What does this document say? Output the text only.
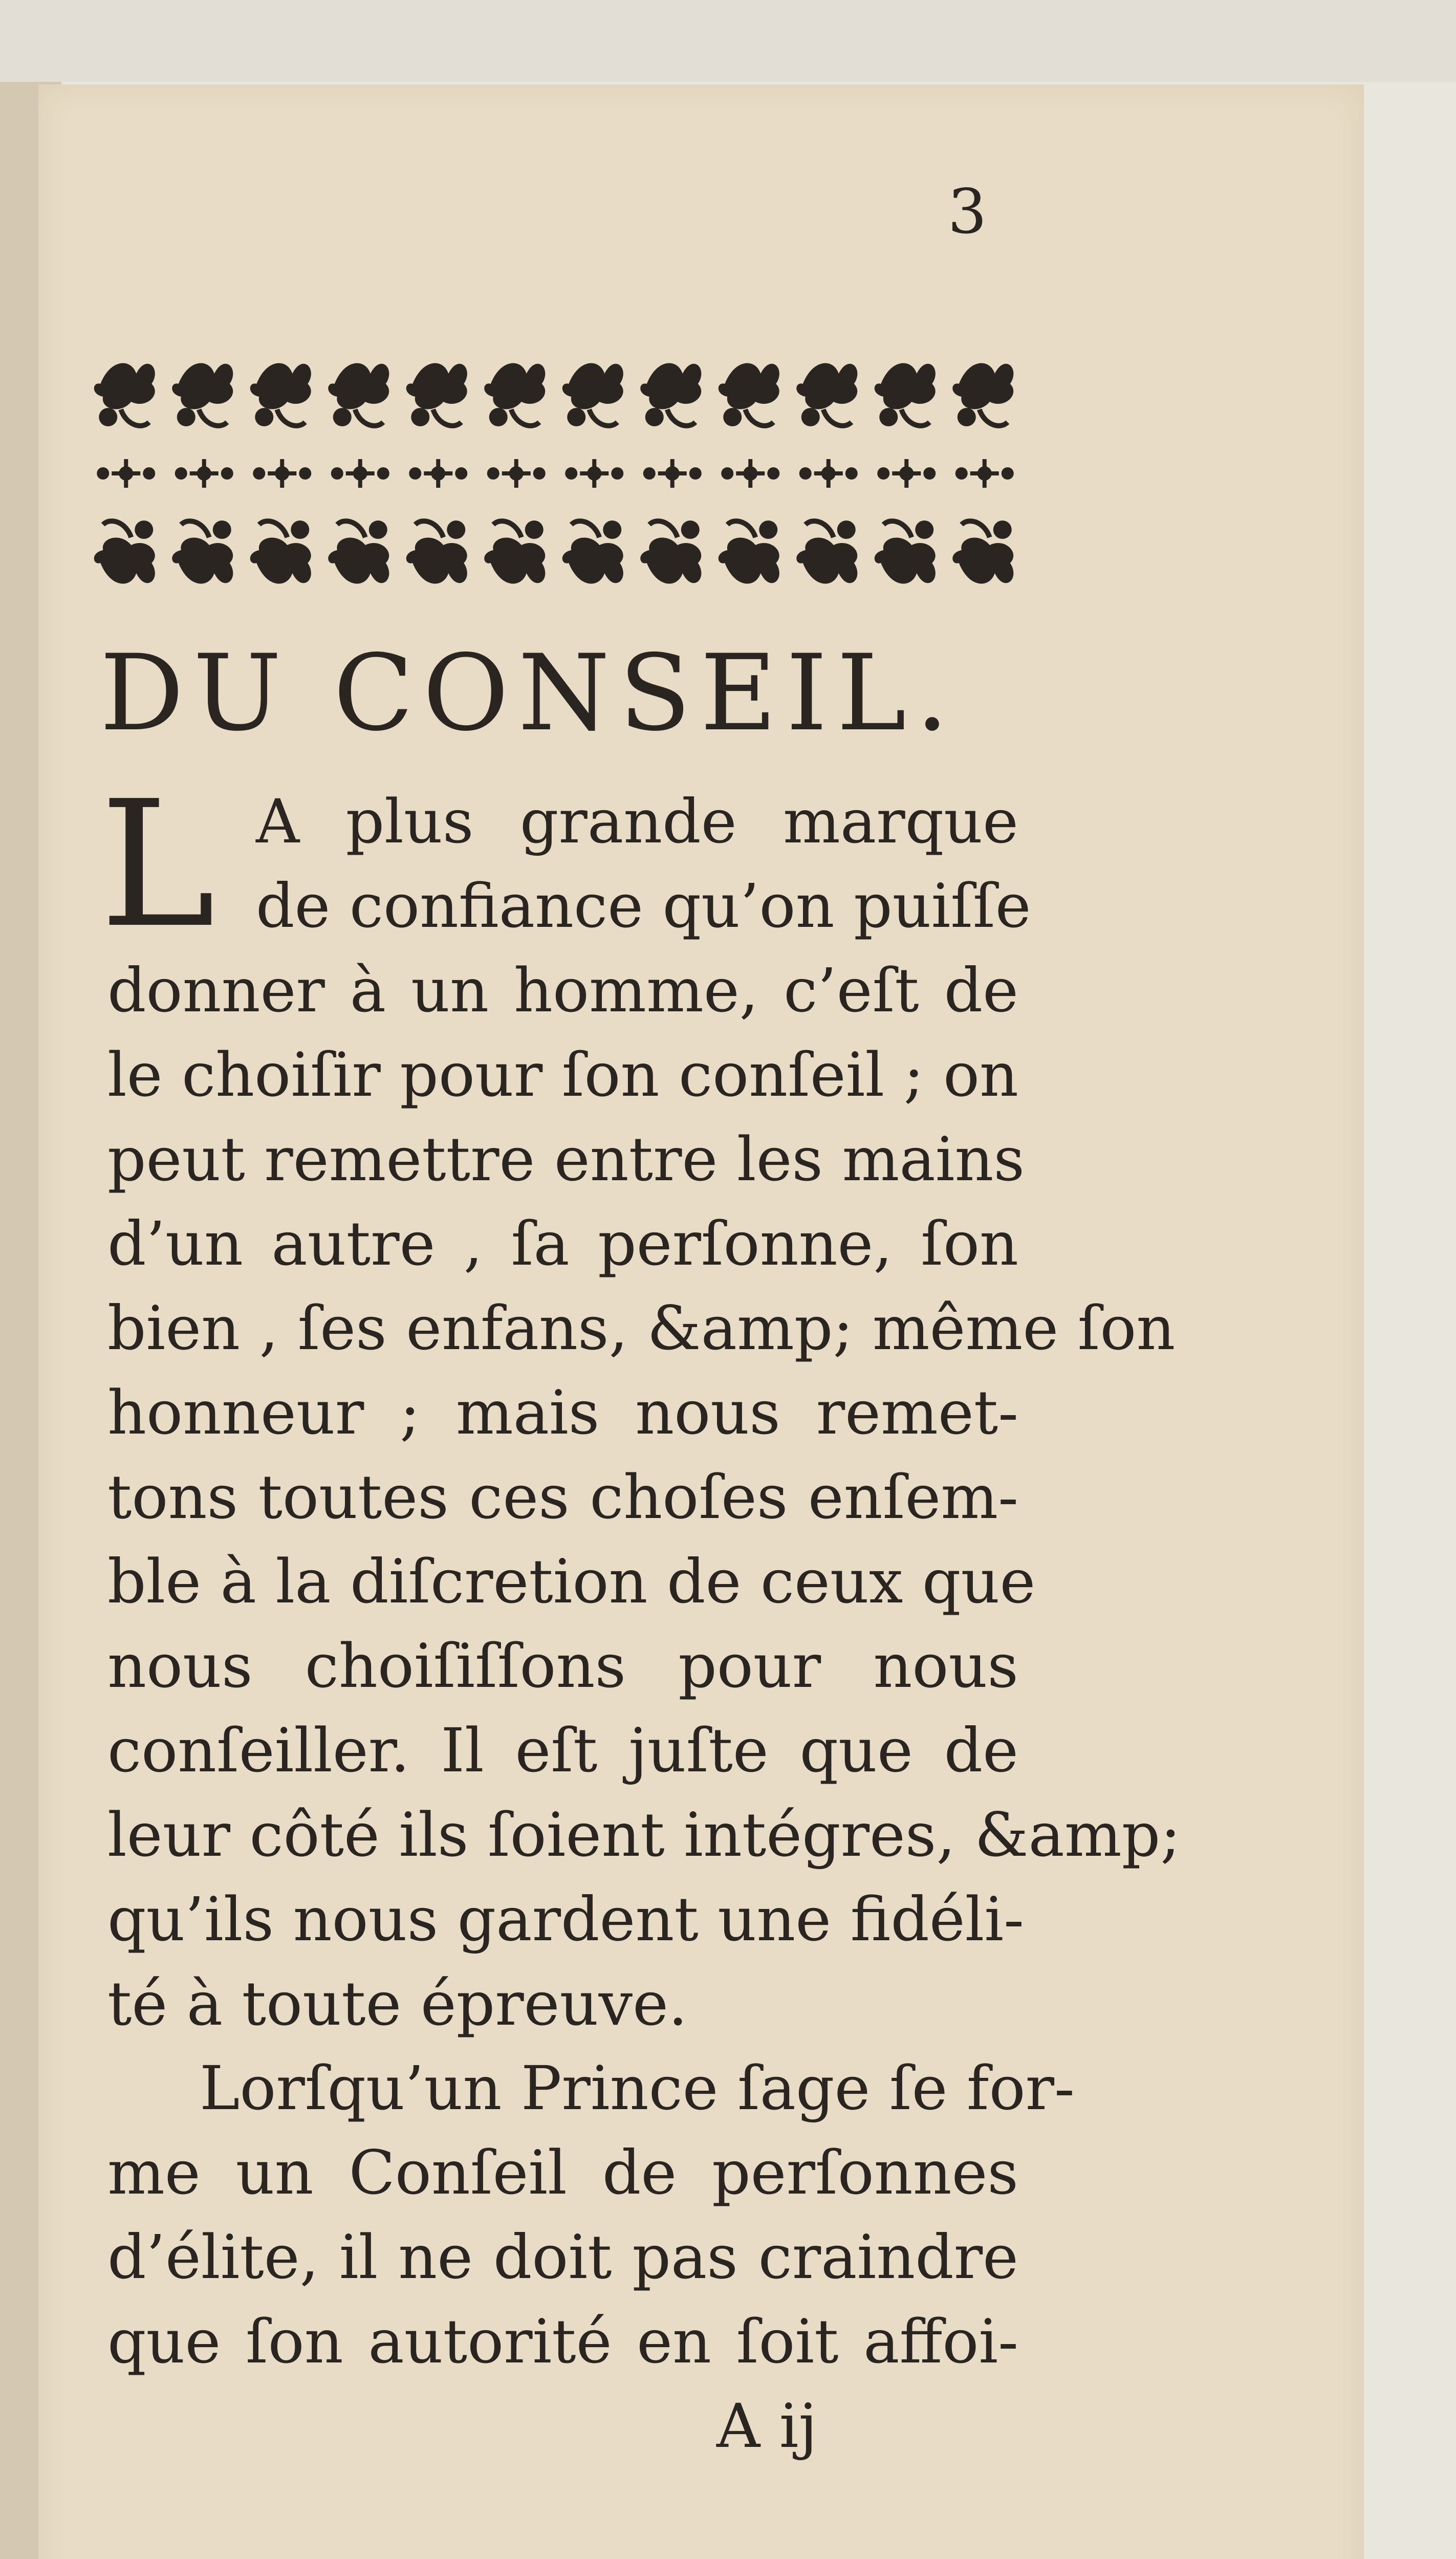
3
DU CONSEIL.
L A plus grande marque
de confiance qu’on puiſſe
donner à un homme, c’eſt de
le choiſir pour ſon conſeil ; on
peut remettre entre les mains
d’un autre , ſa perſonne, ſon
bien , ſes enfans, &amp; même ſon
honneur ; mais nous remet-
tons toutes ces choſes enſem-
ble à la diſcretion de ceux que
nous choiſiſſons pour nous
conſeiller. Il eſt juſte que de
leur côté ils ſoient intégres, &amp;
qu’ils nous gardent une fidéli-
té à toute épreuve.
Lorſqu’un Prince ſage ſe for-
me un Conſeil de perſonnes
d’élite, il ne doit pas craindre
que ſon autorité en ſoit affoi-
A ij
